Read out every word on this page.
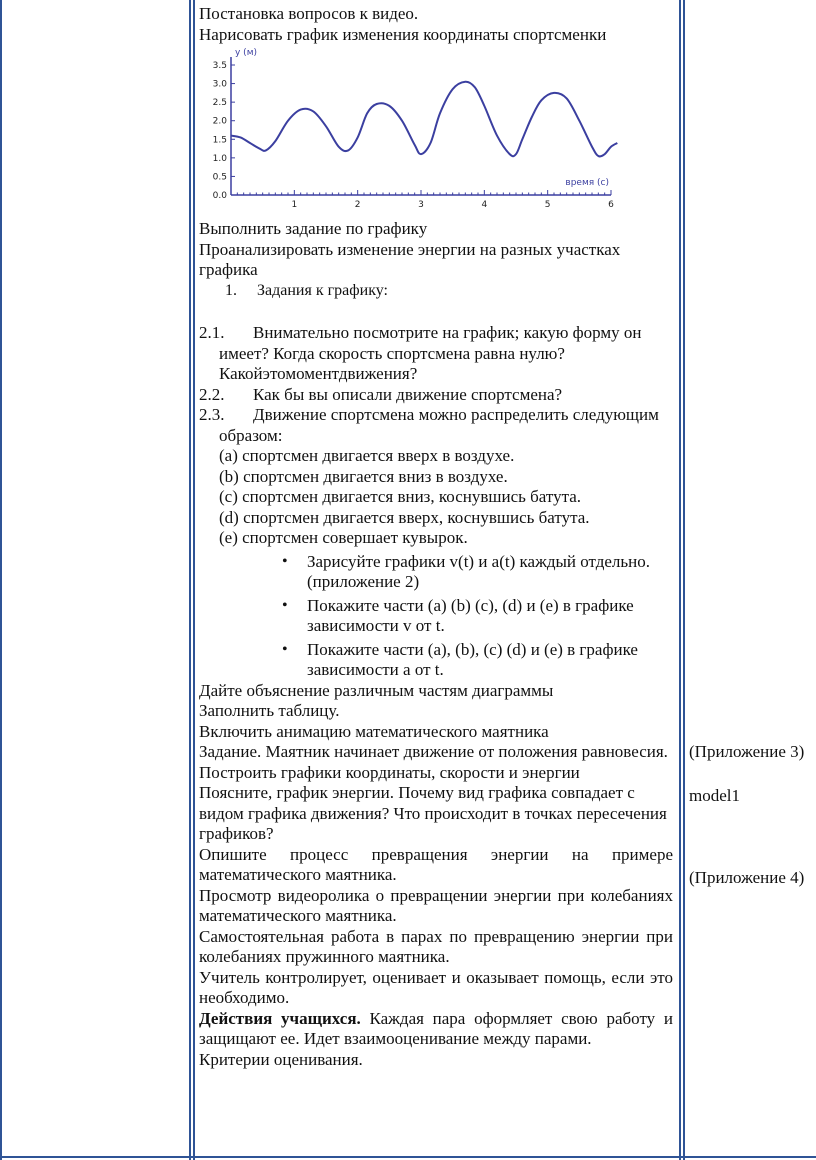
Постановка вопросов к видео.

Нарисовать график изменения координаты спортсменки

0.0
0.5
1.0
1.5
2.0
2.5
3.0
3.5
1	2	3	4	5	6
y (м)
время (с)

Выполнить задание по графику

Проанализировать изменение энергии на разных участках графика

1.  Задания к графику:

2.1. Внимательно посмотрите на график; какую форму он имеет? Когда скорость спортсмена равна нулю? Какойэтомоментдвижения?

2.2. Как бы вы описали движение спортсмена?

2.3. Движение спортсмена можно распределить следующим образом:

(a) спортсмен двигается вверх в воздухе.

(b) спортсмен двигается вниз в воздухе.

(c) спортсмен двигается вниз, коснувшись батута.

(d) спортсмен двигается вверх, коснувшись батута.

(e) спортсмен совершает кувырок.

• Зарисуйте графики v(t) и a(t) каждый отдельно.

(приложение 2)

• Покажите части (a) (b) (c), (d) и (e) в графике зависимости v от t.

• Покажите части (a), (b), (c) (d) и (e) в графике зависимости a от t.

Дайте объяснение различным частям диаграммы

Заполнить таблицу.

Включить анимацию математического маятника

Задание. Маятник начинает движение от положения равновесия. Построить графики координаты, скорости и энергии

Поясните, график энергии. Почему вид графика совпадает с видом графика движения? Что происходит в точках пересечения графиков?

Опишите процесс превращения энергии на примере математического маятника.

Просмотр видеоролика о превращении энергии при колебаниях математического маятника.

Самостоятельная работа в парах по превращению энергии при колебаниях пружинного маятника.

Учитель контролирует, оценивает и оказывает помощь, если это необходимо.

Действия учащихся. Каждая пара оформляет свою работу и защищают ее. Идет взаимооценивание между парами.

Критерии оценивания.

(Приложение 3)
model1
(Приложение 4)
